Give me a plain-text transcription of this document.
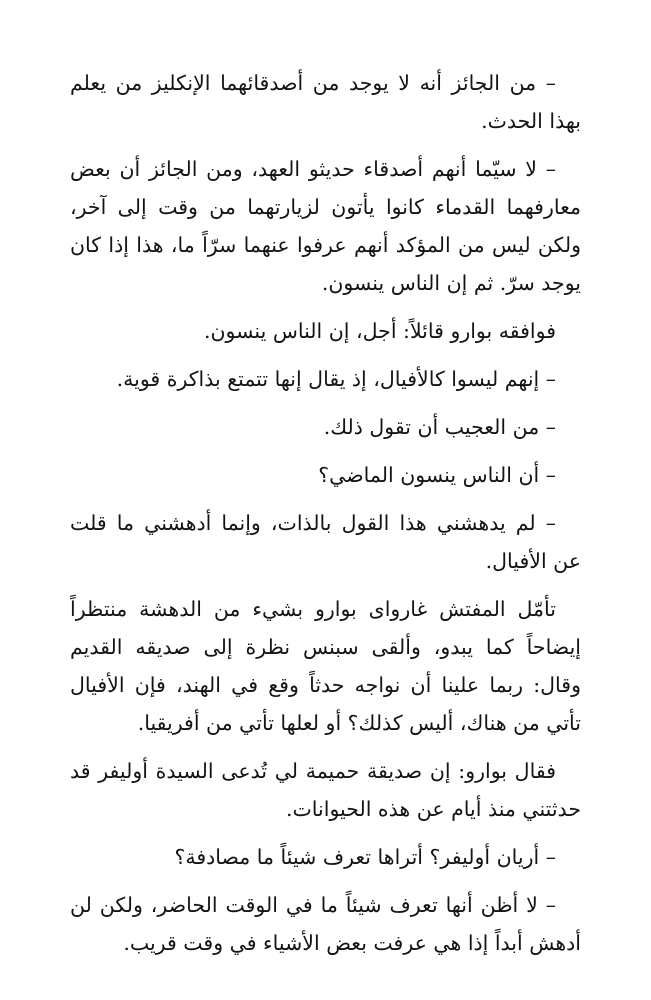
– من الجائز أنه لا يوجد من أصدقائهما الإنكليز من يعلم بهذا الحدث.

– لا سيّما أنهم أصدقاء حديثو العهد، ومن الجائز أن بعض معارفهما القدماء كانوا يأتون لزيارتهما من وقت إلى آخر، ولكن ليس من المؤكد أنهم عرفوا عنهما سرّاً ما، هذا إذا كان يوجد سرّ. ثم إن الناس ينسون.

فوافقه بوارو قائلاً: أجل، إن الناس ينسون.

– إنهم ليسوا كالأفيال، إذ يقال إنها تتمتع بذاكرة قوية.

– من العجيب أن تقول ذلك.

– أن الناس ينسون الماضي؟

– لم يدهشني هذا القول بالذات، وإنما أدهشني ما قلت عن الأفيال.

تأمّل المفتش غاروای بوارو بشيء من الدهشة منتظراً إيضاحاً كما يبدو، وألقى سبنس نظرة إلى صديقه القديم وقال: ربما علينا أن نواجه حدثاً وقع في الهند، فإن الأفيال تأتي من هناك، أليس كذلك؟ أو لعلها تأتي من أفريقيا.

فقال بوارو: إن صديقة حميمة لي تُدعى السيدة أوليفر قد حدثتني منذ أيام عن هذه الحيوانات.

– أريان أوليفر؟ أتراها تعرف شيئاً ما مصادفة؟

– لا أظن أنها تعرف شيئاً ما في الوقت الحاضر، ولكن لن أدهش أبداً إذا هي عرفت بعض الأشياء في وقت قريب.
